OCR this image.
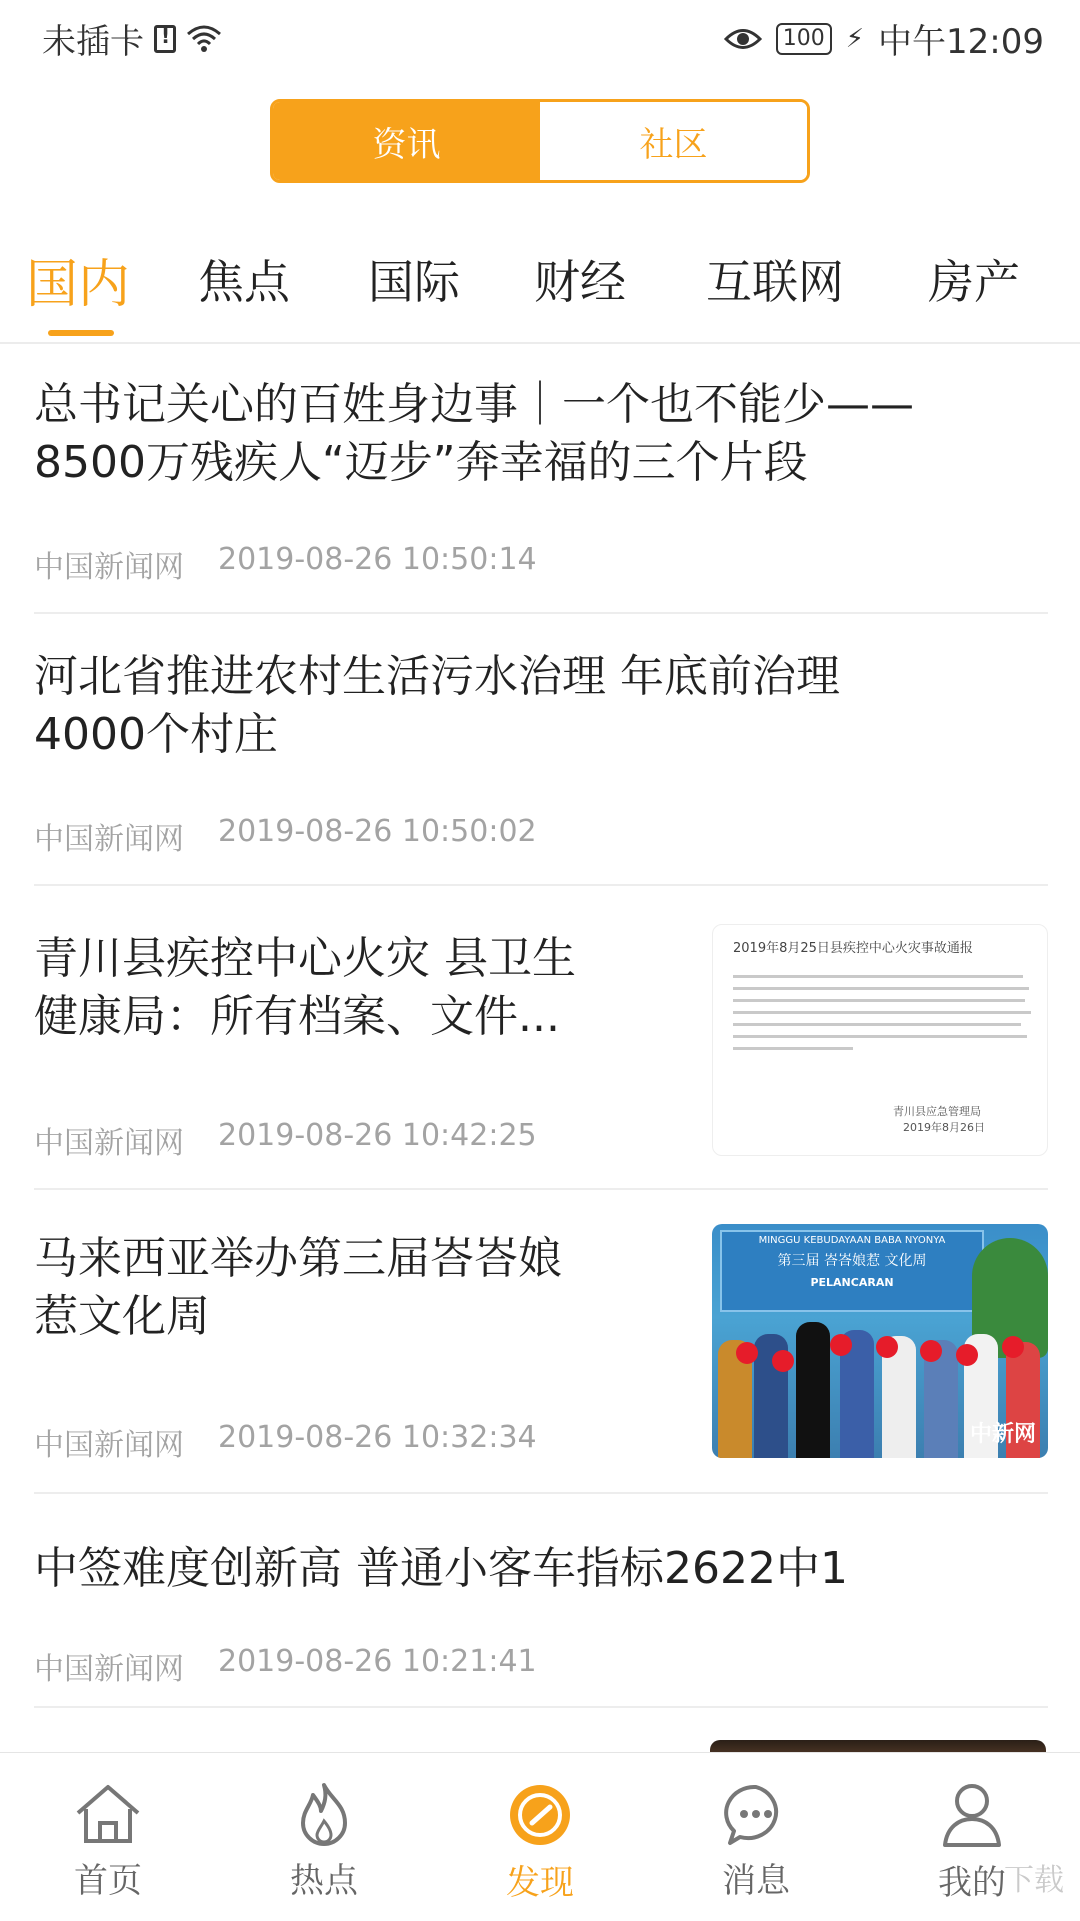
未插卡
!	100 ⚡ 中午12:09
资讯	社区
国内 焦点 国际 财经 互联网 房产
总书记关心的百姓身边事｜一个也不能少——
8500万残疾人“迈步”奔幸福的三个片段
中国新闻网 2019-08-26 10:50:14
河北省推进农村生活污水治理 年底前治理
4000个村庄
中国新闻网 2019-08-26 10:50:02
青川县疾控中心火灾 县卫生
健康局：所有档案、文件...
中国新闻网 2019-08-26 10:42:25
2019年8月25日县疾控中心火灾事故通报
青川县应急管理局
2019年8月26日
马来西亚举办第三届峇峇娘
惹文化周
中国新闻网 2019-08-26 10:32:34
MINGGU KEBUDAYAAN BABA NYONYA
第三届 峇峇娘惹 文化周
PELANCARAN
中新网
中签难度创新高 普通小客车指标2622中1
中国新闻网 2019-08-26 10:21:41
首页	热点	发现	消息	我的
下载
